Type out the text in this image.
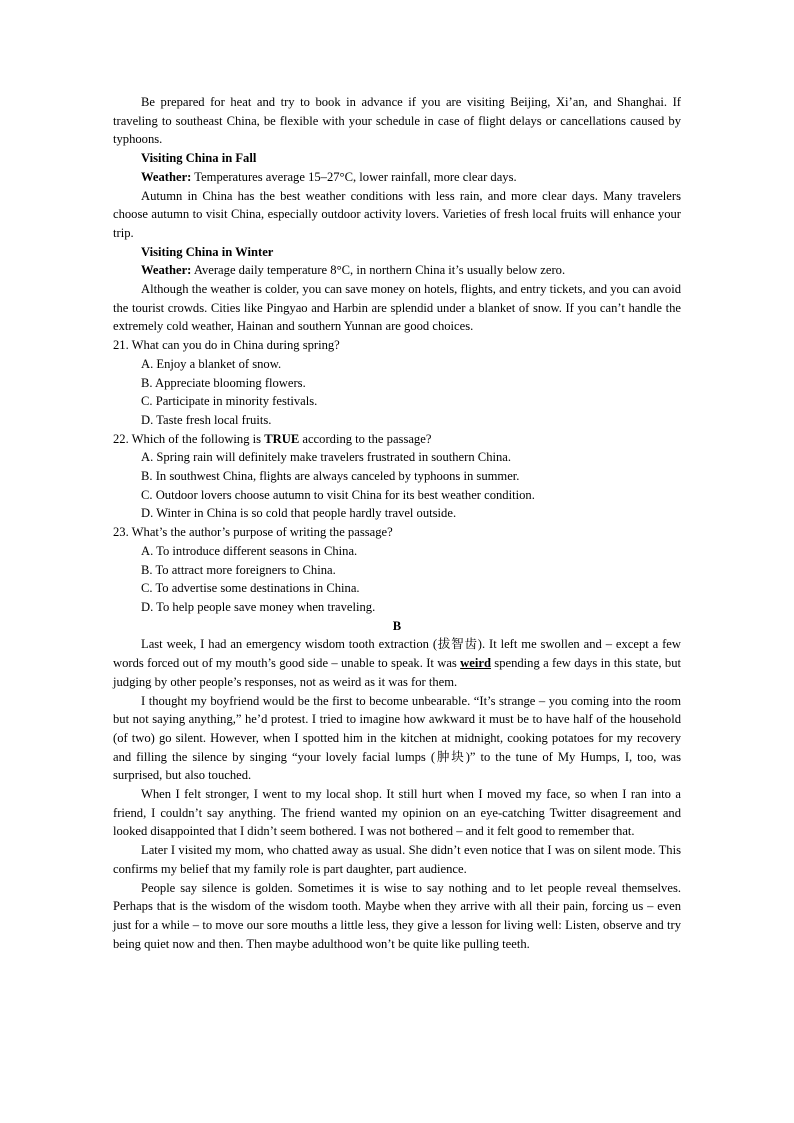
Be prepared for heat and try to book in advance if you are visiting Beijing, Xi’an, and Shanghai. If traveling to southeast China, be flexible with your schedule in case of flight delays or cancellations caused by typhoons.

Visiting China in Fall

Weather: Temperatures average 15–27°C, lower rainfall, more clear days.

Autumn in China has the best weather conditions with less rain, and more clear days. Many travelers choose autumn to visit China, especially outdoor activity lovers. Varieties of fresh local fruits will enhance your trip.

Visiting China in Winter

Weather: Average daily temperature 8°C, in northern China it’s usually below zero.

Although the weather is colder, you can save money on hotels, flights, and entry tickets, and you can avoid the tourist crowds. Cities like Pingyao and Harbin are splendid under a blanket of snow. If you can’t handle the extremely cold weather, Hainan and southern Yunnan are good choices.

21. What can you do in China during spring?

A. Enjoy a blanket of snow.

B. Appreciate blooming flowers.

C. Participate in minority festivals.

D. Taste fresh local fruits.

22. Which of the following is TRUE according to the passage?

A. Spring rain will definitely make travelers frustrated in southern China.

B. In southwest China, flights are always canceled by typhoons in summer.

C. Outdoor lovers choose autumn to visit China for its best weather condition.

D. Winter in China is so cold that people hardly travel outside.

23. What’s the author’s purpose of writing the passage?

A. To introduce different seasons in China.

B. To attract more foreigners to China.

C. To advertise some destinations in China.

D. To help people save money when traveling.

B

Last week, I had an emergency wisdom tooth extraction (拔智齿). It left me swollen and – except a few words forced out of my mouth’s good side – unable to speak. It was weird spending a few days in this state, but judging by other people’s responses, not as weird as it was for them.

I thought my boyfriend would be the first to become unbearable. “It’s strange – you coming into the room but not saying anything,” he’d protest. I tried to imagine how awkward it must be to have half of the household (of two) go silent. However, when I spotted him in the kitchen at midnight, cooking potatoes for my recovery and filling the silence by singing “your lovely facial lumps (肿块)” to the tune of My Humps, I, too, was surprised, but also touched.

When I felt stronger, I went to my local shop. It still hurt when I moved my face, so when I ran into a friend, I couldn’t say anything. The friend wanted my opinion on an eye-catching Twitter disagreement and looked disappointed that I didn’t seem bothered. I was not bothered – and it felt good to remember that.

Later I visited my mom, who chatted away as usual. She didn’t even notice that I was on silent mode. This confirms my belief that my family role is part daughter, part audience.

People say silence is golden. Sometimes it is wise to say nothing and to let people reveal themselves. Perhaps that is the wisdom of the wisdom tooth. Maybe when they arrive with all their pain, forcing us – even just for a while – to move our sore mouths a little less, they give a lesson for living well: Listen, observe and try being quiet now and then. Then maybe adulthood won’t be quite like pulling teeth.
